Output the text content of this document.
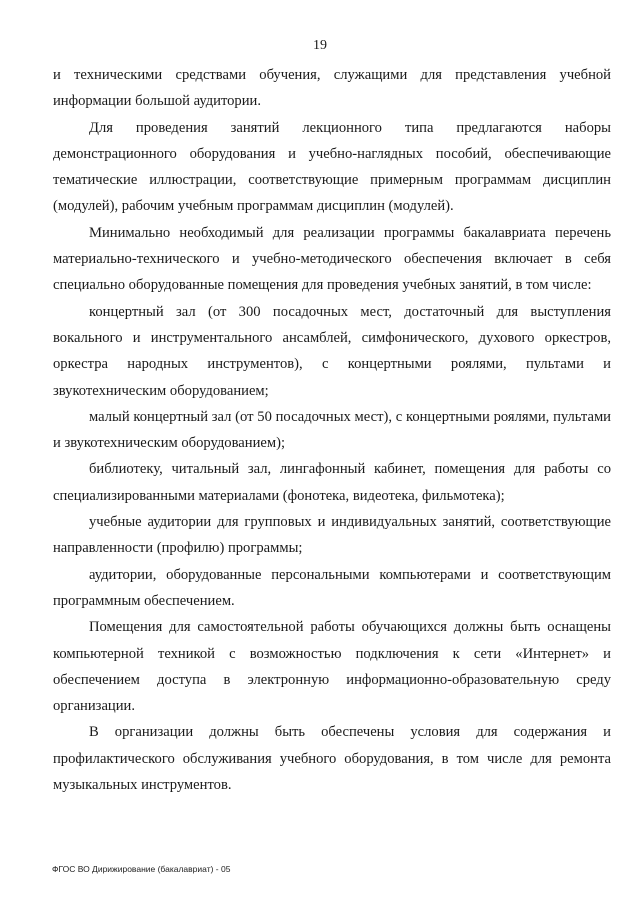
19

и техническими средствами обучения, служащими для представления учебной информации большой аудитории.

Для проведения занятий лекционного типа предлагаются наборы демонстрационного оборудования и учебно-наглядных пособий, обеспечивающие тематические иллюстрации, соответствующие примерным программам дисциплин (модулей), рабочим учебным программам дисциплин (модулей).

Минимально необходимый для реализации программы бакалавриата перечень материально-технического и учебно-методического обеспечения включает в себя специально оборудованные помещения для проведения учебных занятий, в том числе:

концертный зал (от 300 посадочных мест, достаточный для выступления вокального и инструментального ансамблей, симфонического, духового оркестров, оркестра народных инструментов), с концертными роялями, пультами и звукотехническим оборудованием;

малый концертный зал (от 50 посадочных мест), с концертными роялями, пультами и звукотехническим оборудованием);

библиотеку, читальный зал, лингафонный кабинет, помещения для работы со специализированными материалами (фонотека, видеотека, фильмотека);

учебные аудитории для групповых и индивидуальных занятий, соответствующие направленности (профилю) программы;

аудитории, оборудованные персональными компьютерами и соответствующим программным обеспечением.

Помещения для самостоятельной работы обучающихся должны быть оснащены компьютерной техникой с возможностью подключения к сети «Интернет» и обеспечением доступа в электронную информационно-образовательную среду организации.

В организации должны быть обеспечены условия для содержания и профилактического обслуживания учебного оборудования, в том числе для ремонта музыкальных инструментов.

ФГОС ВО Дирижирование (бакалавриат) - 05
